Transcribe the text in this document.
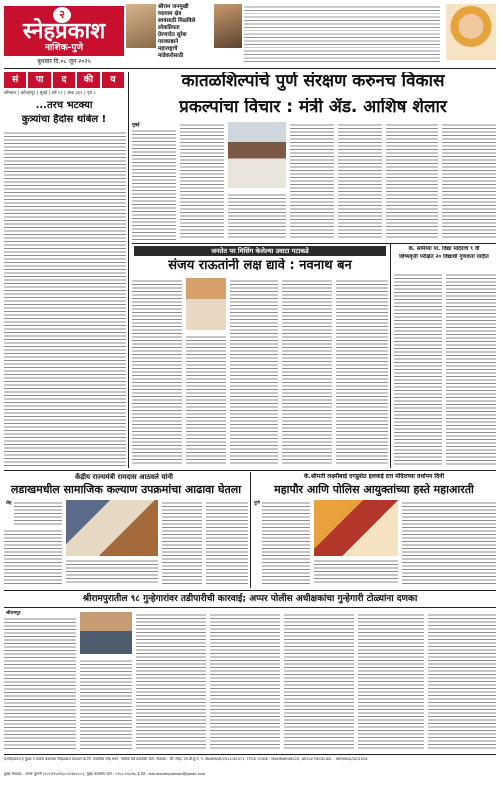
२
स्नेहप्रकाश
नाशिक-पुणे
बुधवार दि.०८ जून २०२५
श्रीराम जनमुखी
व्यायाम क्षेत्र
स्वयंसाठी मिळविले
लोकप्रियता
प्रेरणादेत सुरेश
पराकाष्ठाने
महाराष्ट्राचे
मांडेकरोसाठी
सं	पा	द	की	य
सोमवार | कोल्हापूर | मुंबई | वर्ष ०१ | अंक ३६२ | पृष्ठ ८
कातळशिल्पांचे पुर्ण संरक्षण करुनच विकास
प्रकल्पांचा विचार : मंत्री ॲड. आशिष शेलार
...तरच भटक्या
कुत्र्यांचा हैदोस थांबेल !
मुंबई
जनतेत पर मिसिंग केलेल्या उवाटा गटाकडे
संजय राऊतांनी लक्ष द्यावे : नवनाथ बन
के. सोमैय्या या. विद्या मंदिरांचे ९ वी
शिष्यवृत्ती परीक्षेत २० विद्यार्थी गुणवत्ता यादीत
केंद्रीय राज्यमंत्री रामदास आठवले यांनी
लडाखमधील सामाजिक कल्याण उपक्रमांचा आढावा घेतला
लेह
के.श्रीमती लक्ष्मीबाई दगडूशेठ हलवाई दत्त मंदिराच्या वर्धापन दिनी
महापौर आणि पोलिस आयुक्तांच्या हस्ते महाआरती
पुणे
श्रीरामपुरातील ९८ गुन्हेगारांवर तडीपारीची कारवाई; अप्पर पोलीस अधीक्षकांचा गुन्हेगारी टोळ्यांना दणका
श्रीरामपूर
ई-स्नेहप्रकाश हे मुद्रक व मालक प्रकाशक स्नेहप्रकाश प्रकाशन प्रा.लि. कार्यालय स्नेह भवन, नाशिक येथे प्रकाशित केले. संपादक : सौ. स्नेहा. एम.डी.मुं.रु. नं. MAHMAR/2012/42371, TITLE CODE : MAHMAR40524, DECLE REGD.NO. : WR/MAG/02/2024
मुख्य संपादक - जनक पुराणी (९५९५९१५४९६/८८३९३४२००२), मुख्य कार्यालय फोन : ०२५३-२२६३९७, ई-मेल : dainiksnehprakash@gmail.com
